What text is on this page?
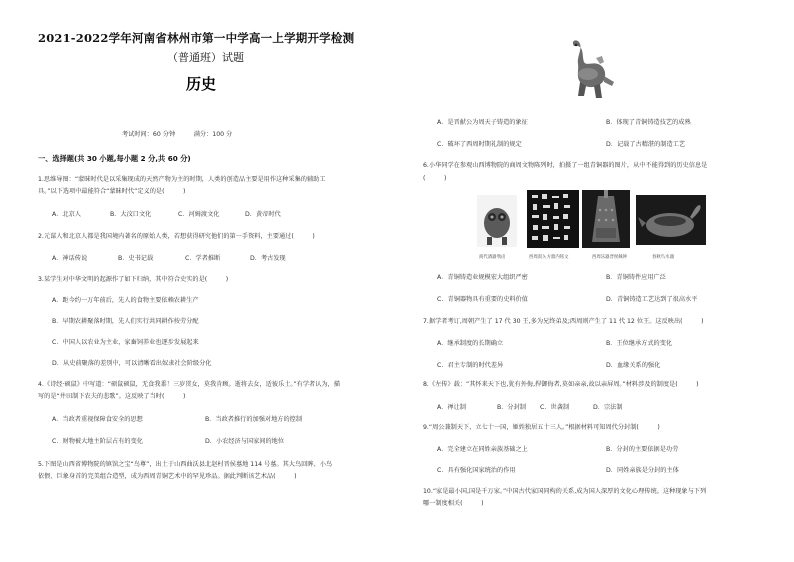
2021-2022学年河南省林州市第一中学高一上学期开学检测
（普通班）试题
历史
考试时间：60 分钟　　　满分：100 分
一、选择题(共 30 小题,每小题 2 分,共 60 分)
1.思维导图：“蒙昧时代是以采集现成的天然产物为主的时期，人类的创造品主要是用作这种采集的辅助工
具。”以下选项中最能符合“蒙昧时代”定义的是(　　　)
A．北京人	B．大汶口文化	C．河姆渡文化	D．黄帝时代
2.元谋人和北京人都是我国境内著名的原始人类，若想获得研究他们的第一手资料，主要通过(　　　)
A．神话传说	B．史书记载	C．学者推断	D．考古发现
3.某学生对中华文明的起源作了如下归纳，其中符合史实的是(　　　)
A．距今约一万年前后，先人的食物主要依赖农耕生产
B．早期农耕聚落时期，先人们实行共同耕作按劳分配
C．中国人以农业为主业，家畜饲养业也逐步发展起来
D．从史前聚落的差别中，可以清晰看出奴隶社会阶级分化
4.《诗经·硕鼠》中写道：“硕鼠硕鼠，无食我黍！三岁贯女，莫我肯顾。逝将去女，适彼乐土。”有学者认为，描
写的是“井田制下农夫的悲歌”。这反映了当时(　　　)
A．当政者重视保障食安全的思想	B．当政者推行的加强对地方的控制
C．财物被大地主阶层占有的变化	D．小农经济与国家间的地位
5.下图是山西省博物院的镇馆之宝“鸟尊”，出土于山西曲沃县北赵村晋侯墓地 114 号墓。其大鸟回眸、小鸟
依偎、巨象身首的完美组合造型，成为西周青铜艺术中的罕见珍品。据此判断该艺术品(　　　)
A．是晋献公为周天子铸造的象征	B．体现了青铜铸造技艺的成熟
C．破坏了西周时期礼制的规定	D．记载了古精湛的制造工艺
6.小华同学在参观山西博物院的商周文物陈列时，拍摄了一组青铜器的图片，从中不能得到的历史信息是
(　　　)
商代酒器鸮卣	西周叔夨方鼎内铭文	西周乐器晋侯稣钟	春秋鸟水器
A．青铜铸造业规模宏大组织严密	B．青铜铸件应用广泛
C．青铜器物具有重要的史料价值	D．青铜铸造工艺达到了很高水平
7.据学者考订,周朝产生了 17 代 30 王,多为兄终弟及;西周则产生了 11 代 12 位王。这反映出(　　　)
A．继承制度的长期确立	B．王位继承方式的变化
C．君主专制的时代差异	D．血缘关系的强化
8.《左传》载：“其怀来天下也,犹有外侮,捍御侮者,莫如亲亲,故以亲屏周。”材料涉及的制度是(　　　)
A．禅让制	B．分封制 C．世袭制	D．宗法制
9.“周公兼制天下，立七十一国，姬姓独居五十三人。”根据材料可知周代分封制(　　　)
A．完全建立在同姓亲族基础之上	B．分封的主要依据是功劳
C．具有强化国家统治的作用	D．同姓亲族是分封的主体
10.“家是最小国,国是千万家。”中国古代家国同构的关系,成为国人深厚的文化心理传统。这种现象与下列
哪一制度相关(　　　)
